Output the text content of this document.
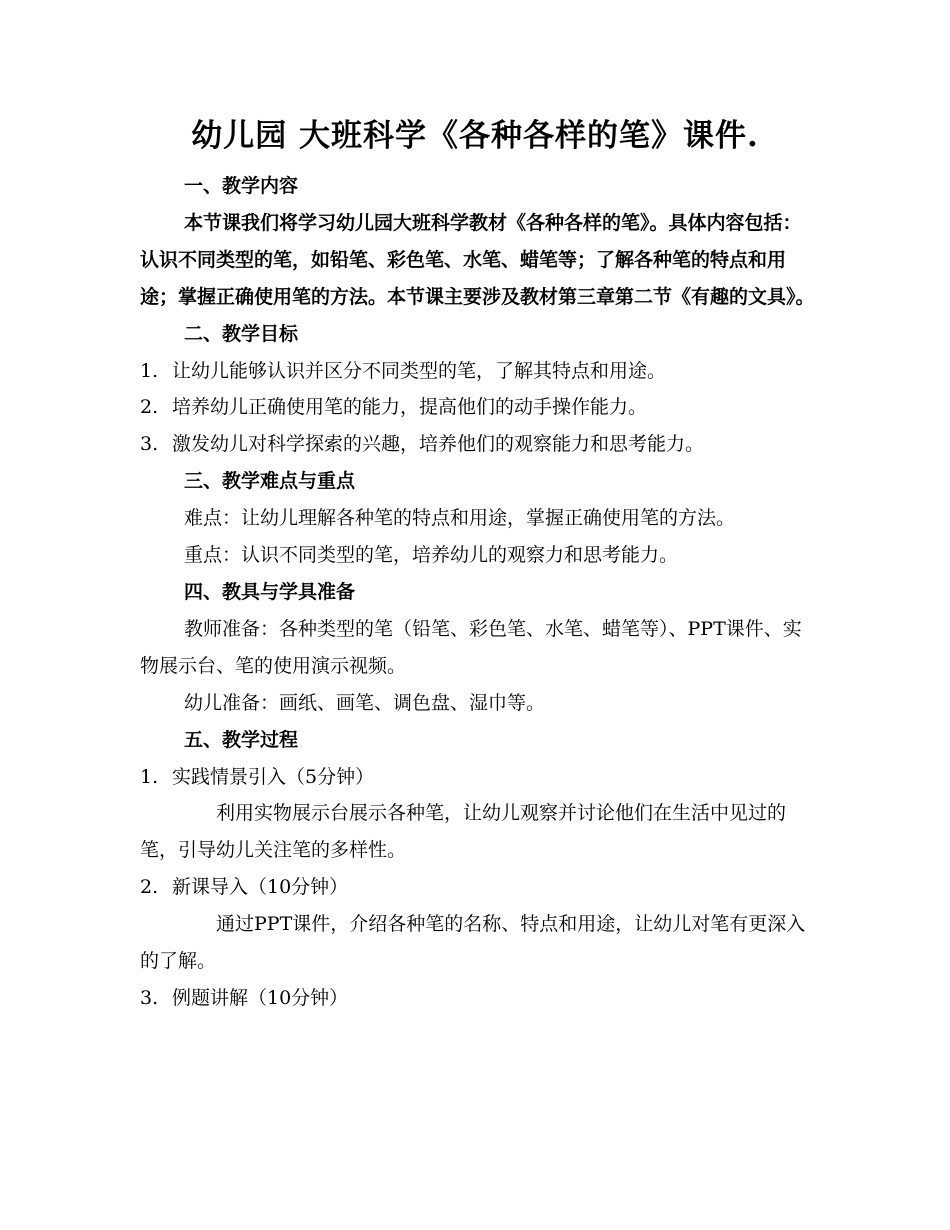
幼儿园 大班科学《各种各样的笔》课件.

一、教学内容

本节课我们将学习幼儿园大班科学教材《各种各样的笔》。具体内容包括：认识不同类型的笔，如铅笔、彩色笔、水笔、蜡笔等；了解各种笔的特点和用途；掌握正确使用笔的方法。本节课主要涉及教材第三章第二节《有趣的文具》。

二、教学目标

1. 让幼儿能够认识并区分不同类型的笔，了解其特点和用途。

2. 培养幼儿正确使用笔的能力，提高他们的动手操作能力。

3. 激发幼儿对科学探索的兴趣，培养他们的观察能力和思考能力。

三、教学难点与重点

难点：让幼儿理解各种笔的特点和用途，掌握正确使用笔的方法。

重点：认识不同类型的笔，培养幼儿的观察力和思考能力。

四、教具与学具准备

教师准备：各种类型的笔（铅笔、彩色笔、水笔、蜡笔等）、PPT课件、实物展示台、笔的使用演示视频。

幼儿准备：画纸、画笔、调色盘、湿巾等。

五、教学过程

1. 实践情景引入（5分钟）

利用实物展示台展示各种笔，让幼儿观察并讨论他们在生活中见过的笔，引导幼儿关注笔的多样性。

2. 新课导入（10分钟）

通过PPT课件，介绍各种笔的名称、特点和用途，让幼儿对笔有更深入的了解。

3. 例题讲解（10分钟）
